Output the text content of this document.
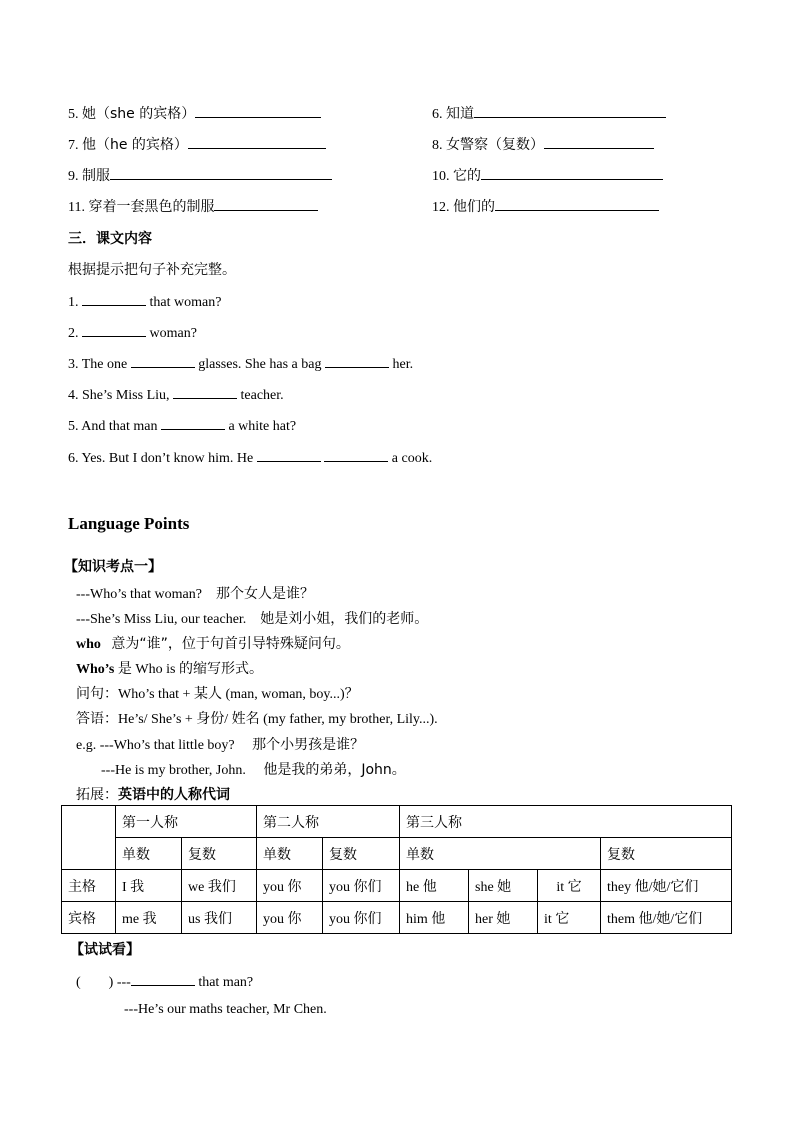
5. 她（she 的宾格）	6. 知道
7. 他（he 的宾格）	8. 女警察（复数）
9. 制服	10. 它的
11. 穿着一套黑色的制服	12. 他们的
三．课文内容
根据提示把句子补充完整。
1.	that woman?
2.	woman?
3. The one	glasses. She has a bag	her.
4. She’s Miss Liu,	teacher.
5. And that man	a white hat?
6. Yes. But I don’t know him. He	a cook.
Language Points
【知识考点一】
---Who’s that woman? 那个女人是谁？
---She’s Miss Liu, our teacher. 她是刘小姐，我们的老师。
who 意为“谁”，位于句首引导特殊疑问句。
Who’s 是 Who is 的缩写形式。
问句：Who’s that + 某人 (man, woman, boy...)？
答语：He’s/ She’s + 身份/ 姓名 (my father, my brother, Lily...).
e.g. ---Who’s that little boy? 那个小男孩是谁？
---He is my brother, John. 他是我的弟弟，John。
拓展：英语中的人称代词
	第一人称		第二人称		第三人称			
	单数	复数	单数	复数	单数			复数
主格	I 我	we 我们	you 你	you 你们	he 他	she 她	it 它	they 他/她/它们
宾格	me 我	us 我们	you 你	you 你们	him 他	her 她	it 它	them 他/她/它们
【试试看】
(　　) ---	that man?
---He’s our maths teacher, Mr Chen.
